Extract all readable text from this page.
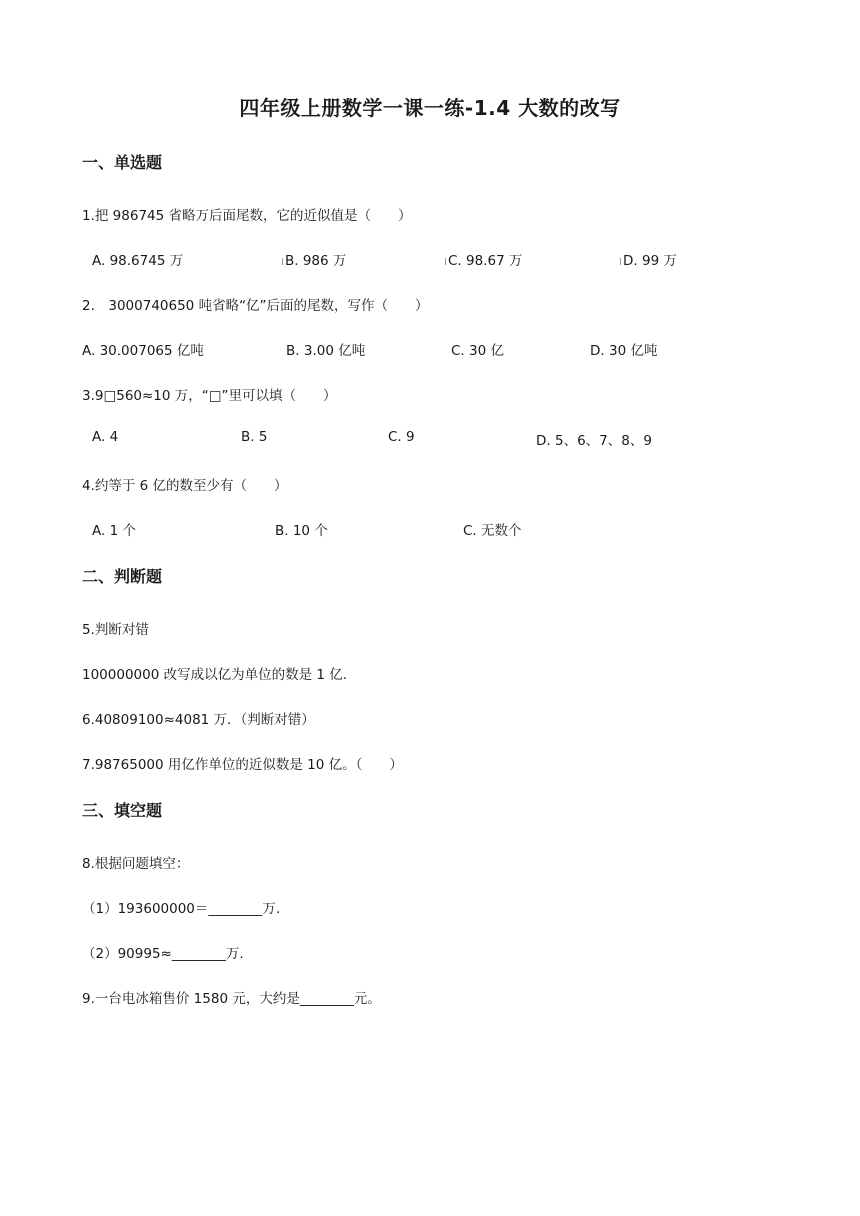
四年级上册数学一课一练-1.4 大数的改写
一、单选题
1.把 986745 省略万后面尾数，它的近似值是（　　）
A. 98.6745 万	B. 986 万	C. 98.67 万	D. 99 万
2.　3000740650 吨省略“亿”后面的尾数，写作（　　）
A. 30.007065 亿吨	B. 3.00 亿吨	C. 30 亿	D. 30 亿吨
3.9□560≈10 万，“□”里可以填（　　）
A. 4	B. 5	C. 9	D. 5、6、7、8、9
4.约等于 6 亿的数至少有（　　）
A. 1 个	B. 10 个	C. 无数个
二、判断题
5.判断对错
100000000 改写成以亿为单位的数是 1 亿.
6.40809100≈4081 万．（判断对错）
7.98765000 用亿作单位的近似数是 10 亿。（　　）
三、填空题
8.根据问题填空：
（1）193600000＝________万.
（2）90995≈________万.
9.一台电冰箱售价 1580 元，大约是________元。
